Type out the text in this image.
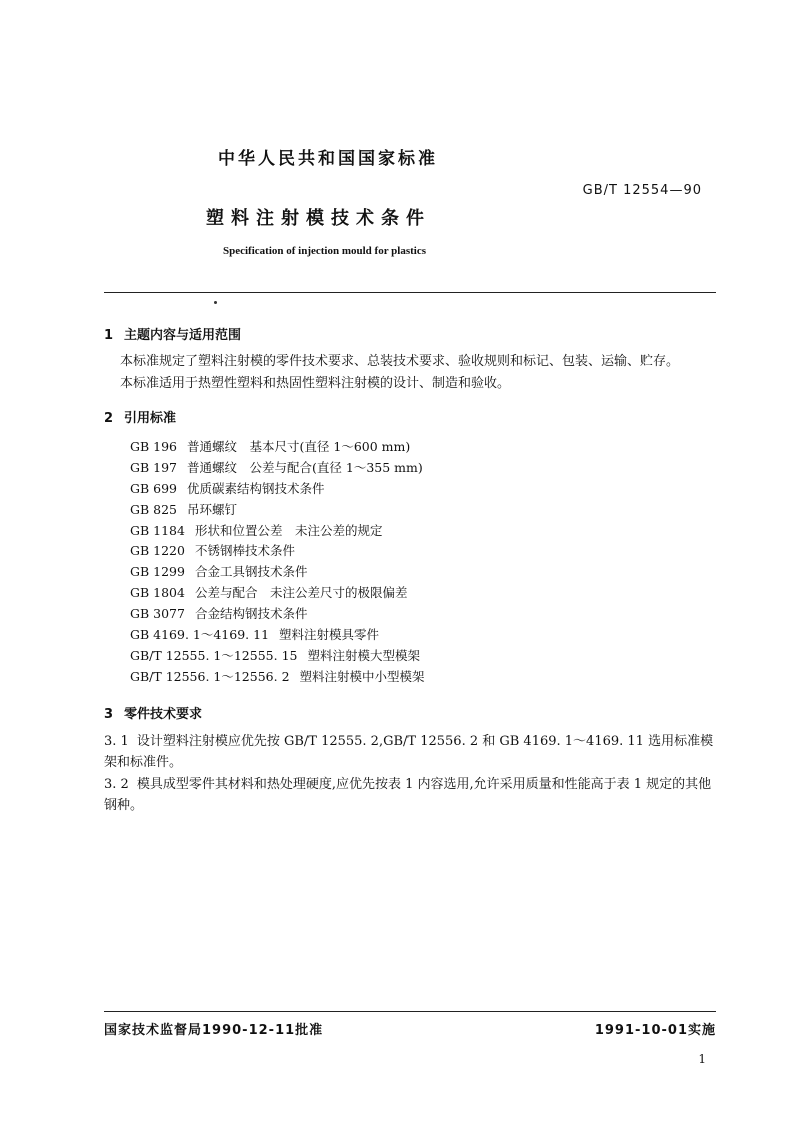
中华人民共和国国家标准
GB/T 12554—90
塑料注射模技术条件
Specification of injection mould for plastics
1 主题内容与适用范围
本标准规定了塑料注射模的零件技术要求、总装技术要求、验收规则和标记、包装、运输、贮存。
本标准适用于热塑性塑料和热固性塑料注射模的设计、制造和验收。
2 引用标准
GB 196 普通螺纹　基本尺寸(直径 1～600 mm)
GB 197 普通螺纹　公差与配合(直径 1～355 mm)
GB 699 优质碳素结构钢技术条件
GB 825 吊环螺钉
GB 1184 形状和位置公差　未注公差的规定
GB 1220 不锈钢棒技术条件
GB 1299 合金工具钢技术条件
GB 1804 公差与配合　未注公差尺寸的极限偏差
GB 3077 合金结构钢技术条件
GB 4169. 1～4169. 11 塑料注射模具零件
GB/T 12555. 1～12555. 15 塑料注射模大型模架
GB/T 12556. 1～12556. 2 塑料注射模中小型模架
3 零件技术要求
3. 1 设计塑料注射模应优先按 GB/T 12555. 2,GB/T 12556. 2 和 GB 4169. 1～4169. 11 选用标准模架和标准件。
3. 2 模具成型零件其材料和热处理硬度,应优先按表 1 内容选用,允许采用质量和性能高于表 1 规定的其他钢种。
国家技术监督局1990-12-11批准	1991-10-01实施
1
